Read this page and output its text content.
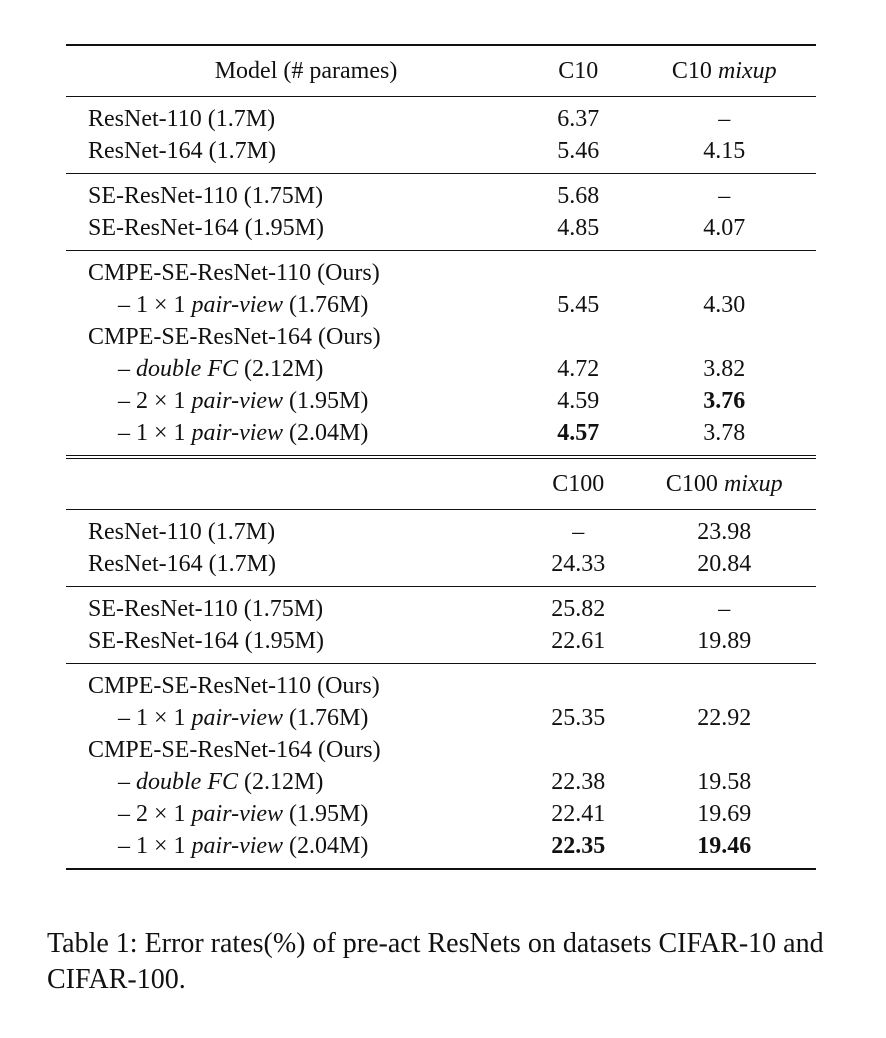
Model (# parames)	C10	C10 mixup
ResNet-110 (1.7M)	6.37	–
ResNet-164 (1.7M)	5.46	4.15
SE-ResNet-110 (1.75M)	5.68	–
SE-ResNet-164 (1.95M)	4.85	4.07
CMPE-SE-ResNet-110 (Ours)		
– 1 × 1 pair-view (1.76M)	5.45	4.30
CMPE-SE-ResNet-164 (Ours)		
– double FC (2.12M)	4.72	3.82
– 2 × 1 pair-view (1.95M)	4.59	3.76
– 1 × 1 pair-view (2.04M)	4.57	3.78
	C100	C100 mixup
ResNet-110 (1.7M)	–	23.98
ResNet-164 (1.7M)	24.33	20.84
SE-ResNet-110 (1.75M)	25.82	–
SE-ResNet-164 (1.95M)	22.61	19.89
CMPE-SE-ResNet-110 (Ours)		
– 1 × 1 pair-view (1.76M)	25.35	22.92
CMPE-SE-ResNet-164 (Ours)		
– double FC (2.12M)	22.38	19.58
– 2 × 1 pair-view (1.95M)	22.41	19.69
– 1 × 1 pair-view (2.04M)	22.35	19.46
Table 1: Error rates(%) of pre-act ResNets on datasets CIFAR-10 and CIFAR-100.
